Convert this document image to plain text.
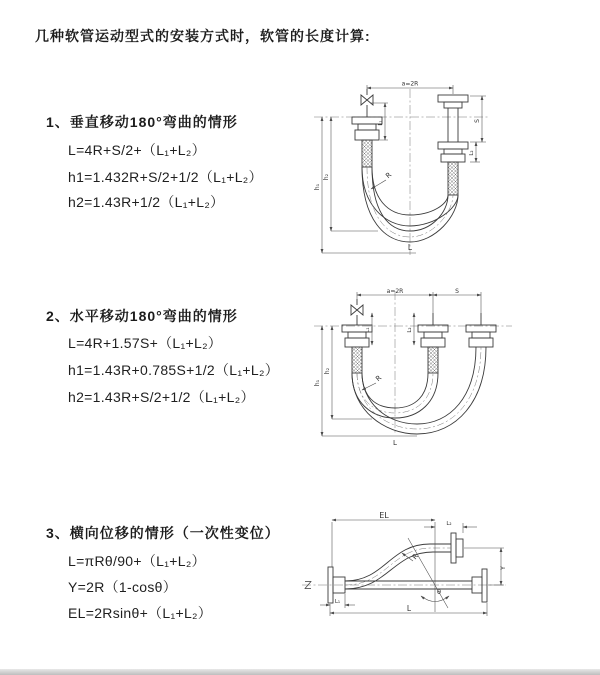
几种软管运动型式的安装方式时，软管的长度计算:
1、垂直移动180°弯曲的情形
L=4R+S/2+（L₁+L₂）
h1=1.432R+S/2+1/2（L₁+L₂）
h2=1.43R+1/2（L₁+L₂）
2、水平移动180°弯曲的情形
L=4R+1.57S+（L₁+L₂）
h1=1.43R+0.785S+1/2（L₁+L₂）
h2=1.43R+S/2+1/2（L₁+L₂）
3、横向位移的情形（一次性变位）
L=πRθ/90+（L₁+L₂）
Y=2R（1-cosθ）
EL=2Rsinθ+（L₁+L₂）
a=2R
L₁	S
L₂
h₂
h₁
R
L
a=2R	S
L₁	L₂
h₂
h₁	R
L
EL
L₂
Y
R
θ
L
L₁
